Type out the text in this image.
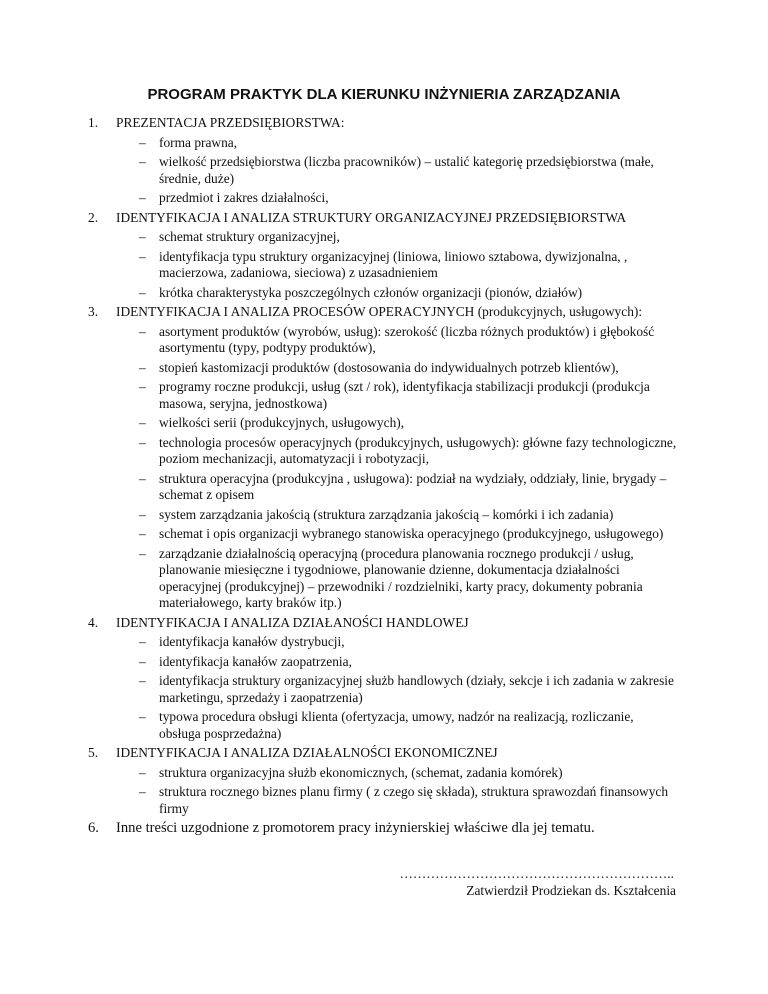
PROGRAM PRAKTYK DLA KIERUNKU INŻYNIERIA ZARZĄDZANIA
1. PREZENTACJA PRZEDSIĘBIORSTWA:
– forma prawna,
– wielkość przedsiębiorstwa (liczba pracowników) – ustalić kategorię przedsiębiorstwa (małe, średnie, duże)
– przedmiot i zakres działalności,
2. IDENTYFIKACJA I ANALIZA STRUKTURY ORGANIZACYJNEJ PRZEDSIĘBIORSTWA
– schemat struktury organizacyjnej,
– identyfikacja typu struktury organizacyjnej (liniowa, liniowo sztabowa, dywizjonalna, , macierzowa, zadaniowa, sieciowa) z uzasadnieniem
– krótka charakterystyka poszczególnych członów organizacji (pionów, działów)
3. IDENTYFIKACJA I ANALIZA PROCESÓW OPERACYJNYCH (produkcyjnych, usługowych):
– asortyment produktów (wyrobów, usług): szerokość (liczba różnych produktów) i głębokość asortymentu (typy, podtypy produktów),
– stopień kastomizacji produktów (dostosowania do indywidualnych potrzeb klientów),
– programy roczne produkcji, usług (szt / rok), identyfikacja stabilizacji produkcji (produkcja masowa, seryjna, jednostkowa)
– wielkości serii (produkcyjnych, usługowych),
– technologia procesów operacyjnych (produkcyjnych, usługowych): główne fazy technologiczne, poziom mechanizacji, automatyzacji i robotyzacji,
– struktura operacyjna (produkcyjna , usługowa): podział na wydziały, oddziały, linie, brygady – schemat z opisem
– system zarządzania jakością (struktura zarządzania jakością – komórki i ich zadania)
– schemat i opis organizacji wybranego stanowiska operacyjnego (produkcyjnego, usługowego)
– zarządzanie działalnością operacyjną (procedura planowania rocznego produkcji / usług, planowanie miesięczne i tygodniowe, planowanie dzienne, dokumentacja działalności operacyjnej (produkcyjnej) – przewodniki / rozdzielniki, karty pracy, dokumenty pobrania materiałowego, karty braków itp.)
4. IDENTYFIKACJA I ANALIZA DZIAŁANOŚCI HANDLOWEJ
– identyfikacja kanałów dystrybucji,
– identyfikacja kanałów zaopatrzenia,
– identyfikacja struktury organizacyjnej służb handlowych (działy, sekcje i ich zadania w zakresie marketingu, sprzedaży i zaopatrzenia)
– typowa procedura obsługi klienta (ofertyzacja, umowy, nadzór na realizacją, rozliczanie, obsługa posprzedażna)
5. IDENTYFIKACJA I ANALIZA DZIAŁALNOŚCI EKONOMICZNEJ
– struktura organizacyjna służb ekonomicznych, (schemat, zadania komórek)
– struktura rocznego biznes planu firmy ( z czego się składa), struktura sprawozdań finansowych firmy
6. Inne treści uzgodnione z promotorem pracy inżynierskiej właściwe dla jej tematu.
……………………………………………………..
Zatwierdził Prodziekan ds. Kształcenia
